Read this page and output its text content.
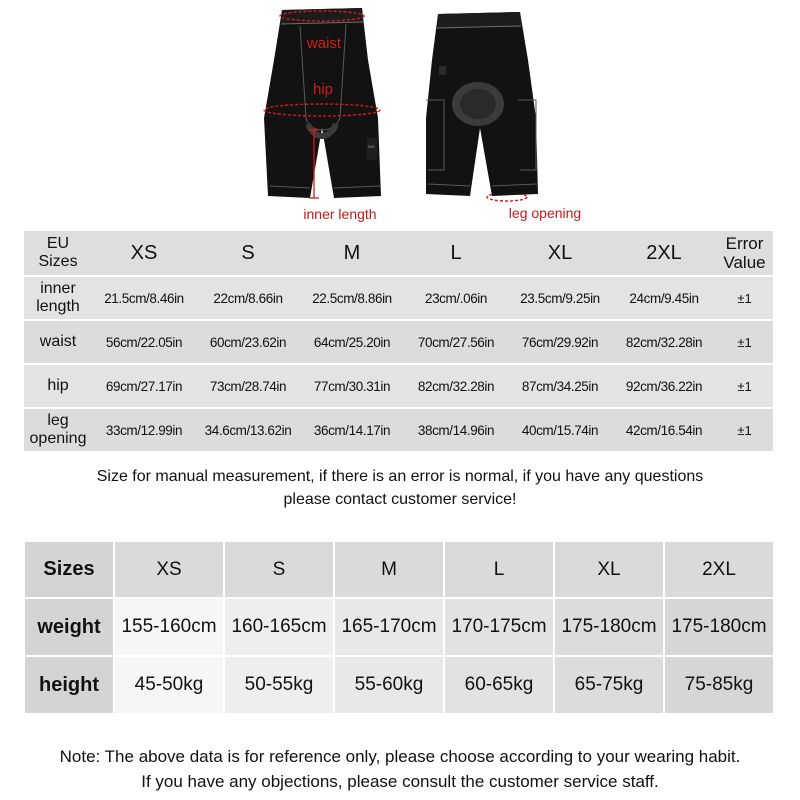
INS
waist
hip
inner length	leg opening
EU
Sizes	XS	S	M	L	XL	2XL	Error
Value
inner
length	21.5cm/8.46in	22cm/8.66in	22.5cm/8.86in	23cm/.06in	23.5cm/9.25in	24cm/9.45in	±1
waist	56cm/22.05in	60cm/23.62in	64cm/25.20in	70cm/27.56in	76cm/29.92in	82cm/32.28in	±1
hip	69cm/27.17in	73cm/28.74in	77cm/30.31in	82cm/32.28in	87cm/34.25in	92cm/36.22in	±1
leg
opening	33cm/12.99in	34.6cm/13.62in	36cm/14.17in	38cm/14.96in	40cm/15.74in	42cm/16.54in	±1
Size for manual measurement, if there is an error is normal, if you have any questions
please contact customer service!
Sizes	XS	S	M	L	XL	2XL
weight	155-160cm	160-165cm	165-170cm	170-175cm	175-180cm	175-180cm
height	45-50kg	50-55kg	55-60kg	60-65kg	65-75kg	75-85kg
Note: The above data is for reference only, please choose according to your wearing habit.
If you have any objections, please consult the customer service staff.
